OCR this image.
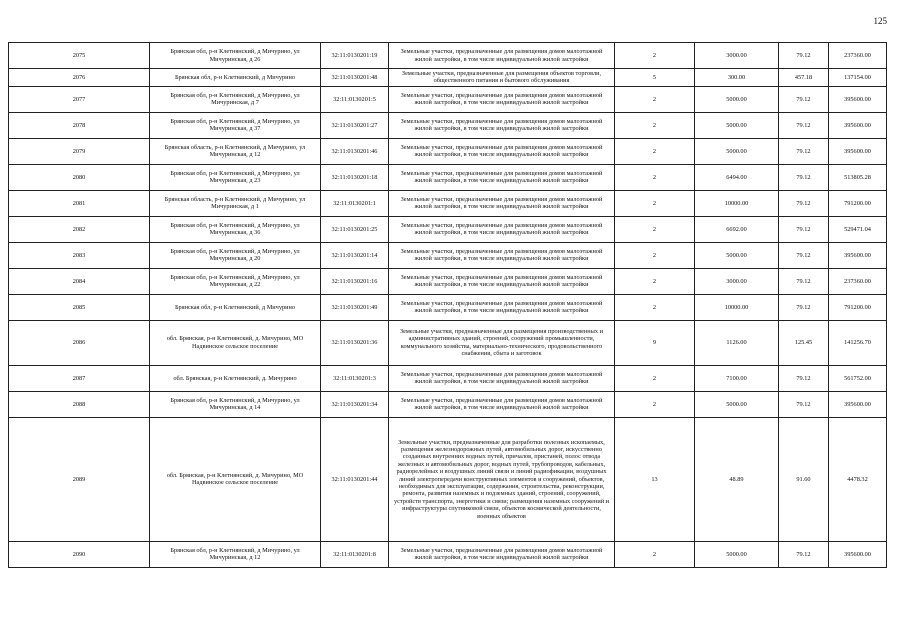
125
2075	Брянская обл, р-н Клетнянский, д Мичурино, ул Мичуринская, д 26	32:11:0130201:19	Земельные участки, предназначенные для размещения домов малоэтажной жилой застройки, в том числе индивидуальной жилой застройки	2	3000.00	79.12	237360.00
2076	Брянская обл, р-н Клетнянский, д Мичурино	32:11:0130201:48	Земельные участки, предназначенные для размещения объектов торговли, общественного питания и бытового обслуживания	5	300.00	457.18	137154.00
2077	Брянская обл, р-н Клетнянский, д Мичурино, ул Мичуринская, д 7	32:11:0130201:5	Земельные участки, предназначенные для размещения домов малоэтажной жилой застройки, в том числе индивидуальной жилой застройки	2	5000.00	79.12	395600.00
2078	Брянская обл, р-н Клетнянский, д Мичурино, ул Мичуринская, д 37	32:11:0130201:27	Земельные участки, предназначенные для размещения домов малоэтажной жилой застройки, в том числе индивидуальной жилой застройки	2	5000.00	79.12	395600.00
2079	Брянская область, р-н Клетнянский, д Мичурино, ул Мичуринская, д 12	32:11:0130201:46	Земельные участки, предназначенные для размещения домов малоэтажной жилой застройки, в том числе индивидуальной жилой застройки	2	5000.00	79.12	395600.00
2080	Брянская обл, р-н Клетнянский, д Мичурино, ул Мичуринская, д 23	32:11:0130201:18	Земельные участки, предназначенные для размещения домов малоэтажной жилой застройки, в том числе индивидуальной жилой застройки	2	6494.00	79.12	513805.28
2081	Брянская область, р-н Клетнянский, д Мичурино, ул Мичуринская, д 1	32:11:0130201:1	Земельные участки, предназначенные для размещения домов малоэтажной жилой застройки, в том числе индивидуальной жилой застройки	2	10000.00	79.12	791200.00
2082	Брянская обл, р-н Клетнянский, д Мичурино, ул Мичуринская, д 36	32:11:0130201:25	Земельные участки, предназначенные для размещения домов малоэтажной жилой застройки, в том числе индивидуальной жилой застройки	2	6692.00	79.12	529471.04
2083	Брянская обл, р-н Клетнянский, д Мичурино, ул Мичуринская, д 20	32:11:0130201:14	Земельные участки, предназначенные для размещения домов малоэтажной жилой застройки, в том числе индивидуальной жилой застройки	2	5000.00	79.12	395600.00
2084	Брянская обл, р-н Клетнянский, д Мичурино, ул Мичуринская, д 22	32:11:0130201:16	Земельные участки, предназначенные для размещения домов малоэтажной жилой застройки, в том числе индивидуальной жилой застройки	2	3000.00	79.12	237360.00
2085	Брянская обл, р-н Клетнянский, д Мичурино	32:11:0130201:49	Земельные участки, предназначенные для размещения домов малоэтажной жилой застройки, в том числе индивидуальной жилой застройки	2	10000.00	79.12	791200.00
2086	обл. Брянская, р-н Клетнянский, д. Мичурино, МО Надвинское сельское поселение	32:11:0130201:36	Земельные участки, предназначенные для размещения производственных и административных зданий, строений, сооружений промышленности, коммунального хозяйства, материально-технического, продовольственного снабжения, сбыта и заготовок	9	1126.00	125.45	141256.70
2087	обл. Брянская, р-н Клетнянский, д. Мичурино	32:11:0130201:3	Земельные участки, предназначенные для размещения домов малоэтажной жилой застройки, в том числе индивидуальной жилой застройки	2	7100.00	79.12	561752.00
2088	Брянская обл, р-н Клетнянский, д Мичурино, ул Мичуринская, д 14	32:11:0130201:34	Земельные участки, предназначенные для размещения домов малоэтажной жилой застройки, в том числе индивидуальной жилой застройки	2	5000.00	79.12	395600.00
2089	обл. Брянская, р-н Клетнянский, д. Мичурино, МО Надвинское сельское поселение	32:11:0130201:44	Земельные участки, предназначенные для разработки полезных ископаемых, размещения железнодорожных путей, автомобильных дорог, искусственно созданных внутренних водных путей, причалов, пристаней, полос отвода железных и автомобильных дорог, водных путей, трубопроводов, кабельных, радиорелейных и воздушных линий связи и линий радиофикации, воздушных линий электропередачи конструктивных элементов и сооружений, объектов, необходимых для эксплуатации, содержания, строительства, реконструкции, ремонта, развития наземных и подземных зданий, строений, сооружений, устройств транспорта, энергетики и связи; размещения наземных сооружений и инфраструктуры спутниковой связи, объектов космической деятельности, военных объектов	13	48.89	91.60	4478.32
2090	Брянская обл, р-н Клетнянский, д Мичурино, ул Мичуринская, д 12	32:11:0130201:8	Земельные участки, предназначенные для размещения домов малоэтажной жилой застройки, в том числе индивидуальной жилой застройки	2	5000.00	79.12	395600.00
